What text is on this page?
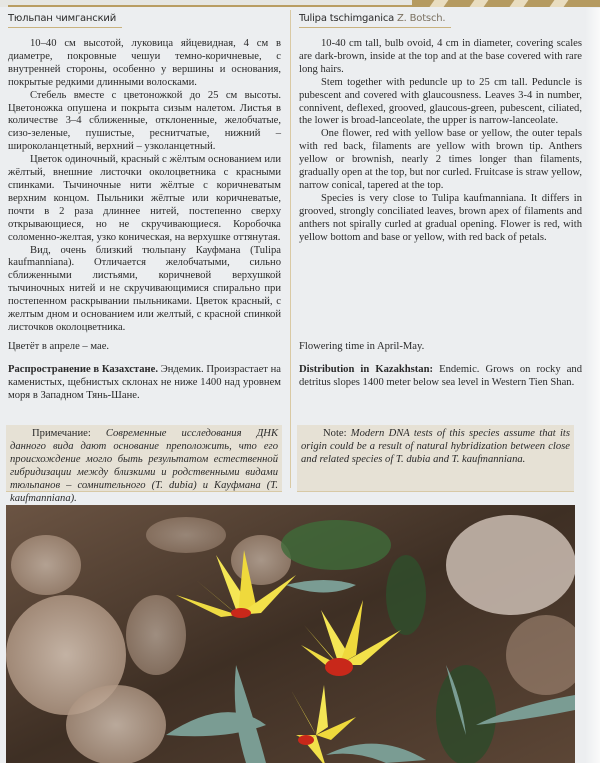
Тюльпан чимганский

10–40 см высотой, луковица яйцевидная, 4 см в диаметре, покровные чешуи темно-коричневые, с внутренней стороны, особенно у вершины и основания, покрытые редкими длинными волосками.

Стебель вместе с цветоножкой до 25 см высоты. Цветоножка опушена и покрыта сизым налетом. Листья в количестве 3–4 сближенные, отклоненные, желобчатые, сизо-зеленые, пушистые, реснитчатые, нижний – широколанцетный, верхний – узколанцетный.

Цветок одиночный, красный с жёлтым основанием или жёлтый, внешние листочки околоцветника с красными спинками. Тычиночные нити жёлтые с коричневатым верхним концом. Пыльники жёлтые или коричневатые, почти в 2 раза длиннее нитей, постепенно сверху открывающиеся, но не скручивающиеся. Коробочка соломенно-желтая, узко коническая, на верхушке оттянутая.

Вид, очень близкий тюльпану Кауфмана (Tulipa kaufmanniana). Отличается желобчатыми, сильно сближенными листьями, коричневой верхушкой тычиночных нитей и не скручивающимися спирально при постепенном раскрывании пыльниками. Цветок красный, с желтым дном и основанием или желтый, с красной спинкой листочков околоцветника.

Цветёт в апреле – мае.

Распространение в Казахстане. Эндемик. Произрастает на каменистых, щебнистых склонах не ниже 1400 над уровнем моря в Западном Тянь-Шане.

Примечание: Современные исследования ДНК данного вида дают основание преположить, что его происхождение могло быть результатом естественной гибридизации между близкими и родственными видами тюльпанов – сомнительного (T. dubia) и Кауфмана (T. kaufmanniana).

Tulipa tschimganica Z. Botsch.

10-40 cm tall, bulb ovoid, 4 cm in diameter, covering scales are dark-brown, inside at the top and at the base covered with rare long hairs.

Stem together with peduncle up to 25 cm tall. Peduncle is pubescent and covered with glaucousness. Leaves 3-4 in number, connivent, deflexed, grooved, glaucous-green, pubescent, ciliated, the lower is broad-lanceolate, the upper is narrow-lanceolate.

One flower, red with yellow base or yellow, the outer tepals with red back, filaments are yellow with brown tip. Anthers yellow or brownish, nearly 2 times longer than filaments, gradually open at the top, but nor curled. Fruitcase is straw yellow, narrow conical, tapered at the top.

Species is very close to Tulipa kaufmanniana. It differs in grooved, strongly conciliated leaves, brown apex of filaments and anthers not spirally curled at gradual opening. Flower is red, with yellow bottom and base or yellow, with red back of petals.

Flowering time in April-May.

Distribution in Kazakhstan: Endemic. Grows on rocky and detritus slopes 1400 meter below sea level in Western Tien Shan.

Note: Modern DNA tests of this species assume that its origin could be a result of natural hybridization between close and related species of T. dubia and T. kaufmanniana.
